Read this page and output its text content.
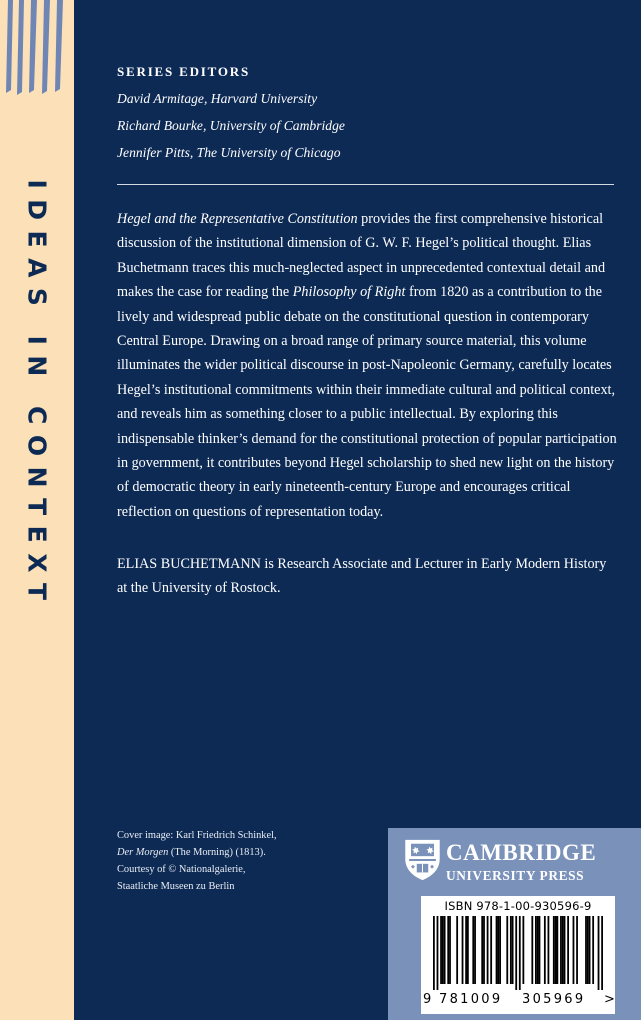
IDEAS IN CONTEXT

SERIES EDITORS

David Armitage, Harvard University

Richard Bourke, University of Cambridge

Jennifer Pitts, The University of Chicago

Hegel and the Representative Constitution provides the first comprehensive historical discussion of the institutional dimension of G. W. F. Hegel’s political thought. Elias Buchetmann traces this much-neglected aspect in unprecedented contextual detail and makes the case for reading the Philosophy of Right from 1820 as a contribution to the lively and widespread public debate on the constitutional question in contemporary Central Europe. Drawing on a broad range of primary source material, this volume illuminates the wider political discourse in post-Napoleonic Germany, carefully locates Hegel’s institutional commitments within their immediate cultural and political context, and reveals him as something closer to a public intellectual. By exploring this indispensable thinker’s demand for the constitutional protection of popular participation in government, it contributes beyond Hegel scholarship to shed new light on the history of democratic theory in early nineteenth-century Europe and encourages critical reflection on questions of representation today.

ELIAS BUCHETMANN is Research Associate and Lecturer in Early Modern History at the University of Rostock.

Cover image: Karl Friedrich Schinkel,

Der Morgen (The Morning) (1813).

Courtesy of © Nationalgalerie,

Staatliche Museen zu Berlin

CAMBRIDGE
UNIVERSITY PRESS
ISBN 978-1-00-930596-9
9 781009 305969 >
